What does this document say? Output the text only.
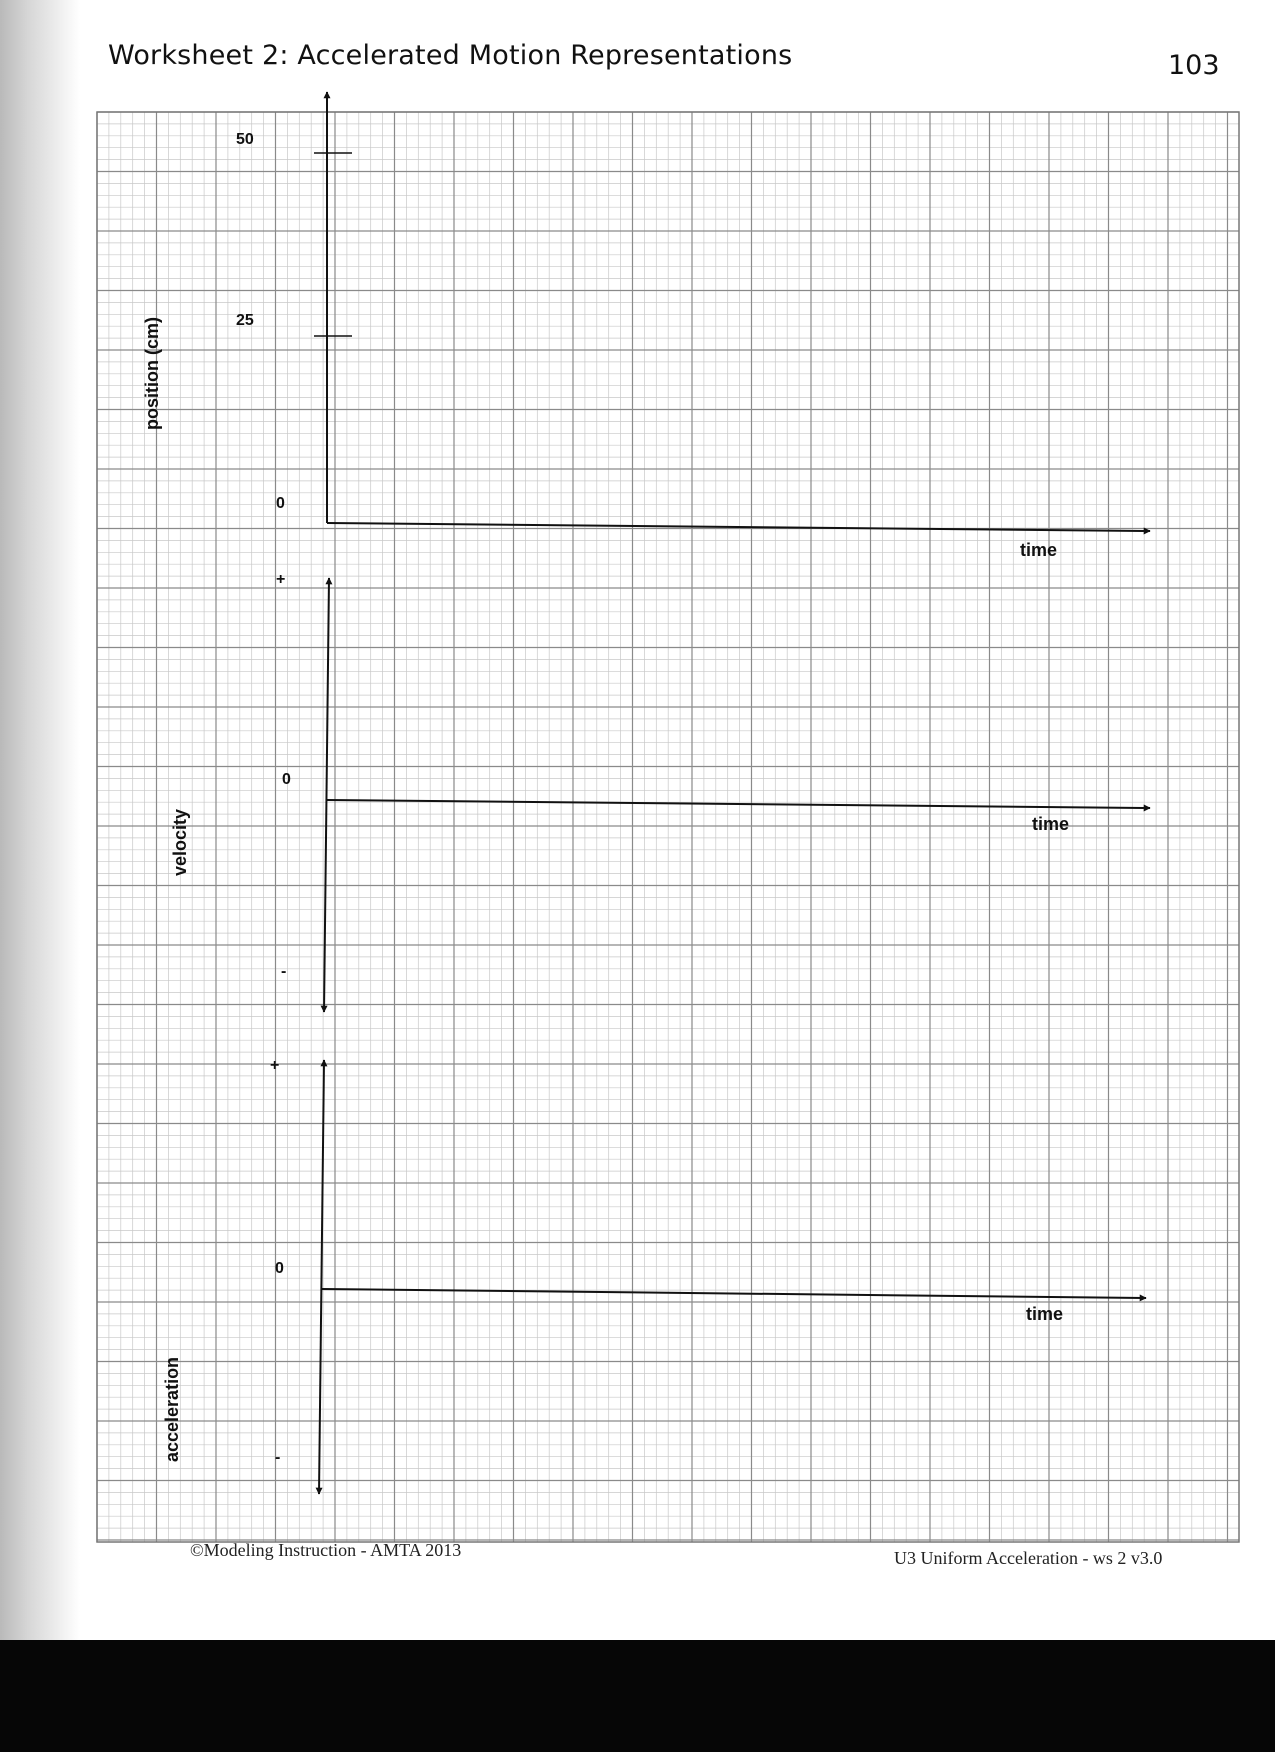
Worksheet 2: Accelerated Motion Representations	103

50
25
0
time
position (cm)
+
0
-
time
velocity
+
0
-
time
acceleration

©Modeling Instruction - AMTA 2013	U3 Uniform Acceleration - ws 2 v3.0
